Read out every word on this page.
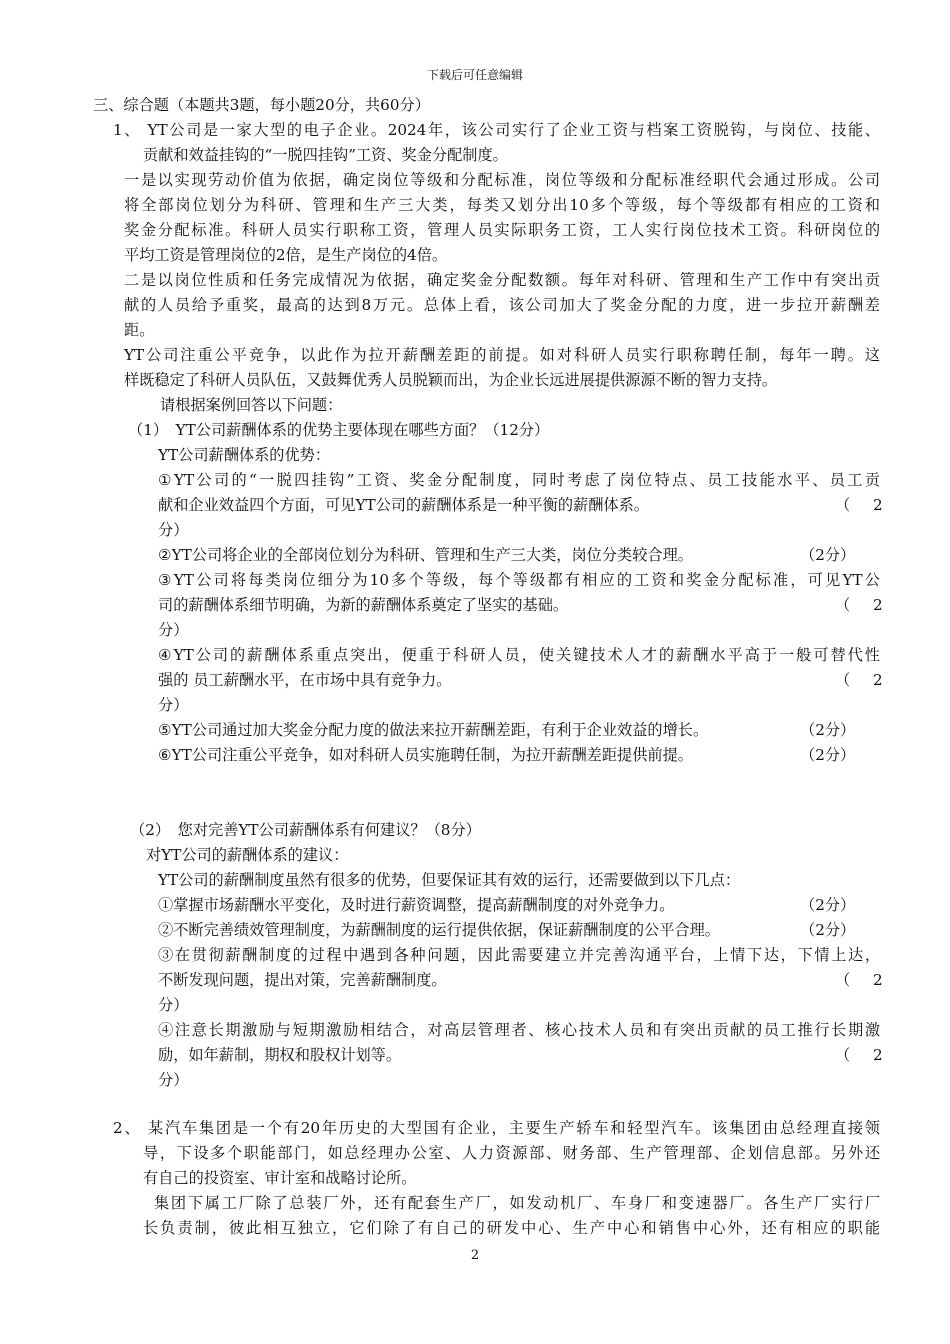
下载后可任意编辑
三、综合题（本题共3题，每小题20分，共60分）
1、 YT公司是一家大型的电子企业。2024年，该公司实行了企业工资与档案工资脱钩，与岗位、技能、
贡献和效益挂钩的“一脱四挂钩”工资、奖金分配制度。
一是以实现劳动价值为依据，确定岗位等级和分配标准，岗位等级和分配标准经职代会通过形成。公司
将全部岗位划分为科研、管理和生产三大类，每类又划分出10多个等级，每个等级都有相应的工资和
奖金分配标准。科研人员实行职称工资，管理人员实际职务工资，工人实行岗位技术工资。科研岗位的
平均工资是管理岗位的2倍，是生产岗位的4倍。
二是以岗位性质和任务完成情况为依据，确定奖金分配数额。每年对科研、管理和生产工作中有突出贡
献的人员给予重奖，最高的达到8万元。总体上看，该公司加大了奖金分配的力度，进一步拉开薪酬差
距。
YT公司注重公平竞争，以此作为拉开薪酬差距的前提。如对科研人员实行职称聘任制，每年一聘。这
样既稳定了科研人员队伍，又鼓舞优秀人员脱颖而出，为企业长远进展提供源源不断的智力支持。
请根据案例回答以下问题：
（1）　YT公司薪酬体系的优势主要体现在哪些方面？（12分）
YT公司薪酬体系的优势：
①YT公司的“一脱四挂钩”工资、奖金分配制度，同时考虑了岗位特点、员工技能水平、员工贡
献和企业效益四个方面，可见YT公司的薪酬体系是一种平衡的薪酬体系。	（ 2
分）
②YT公司将企业的全部岗位划分为科研、管理和生产三大类，岗位分类较合理。	（2分）
③YT公司将每类岗位细分为10多个等级，每个等级都有相应的工资和奖金分配标准，可见YT公
司的薪酬体系细节明确，为新的薪酬体系奠定了坚实的基础。	（ 2
分）
④YT公司的薪酬体系重点突出，便重于科研人员，使关键技术人才的薪酬水平高于一般可替代性
强的 员工薪酬水平，在市场中具有竞争力。	（ 2
分）
⑤YT公司通过加大奖金分配力度的做法来拉开薪酬差距，有利于企业效益的增长。	（2分）
⑥YT公司注重公平竞争，如对科研人员实施聘任制，为拉开薪酬差距提供前提。	（2分）
（2）　您对完善YT公司薪酬体系有何建议？（8分）
对YT公司的薪酬体系的建议：
YT公司的薪酬制度虽然有很多的优势，但要保证其有效的运行，还需要做到以下几点：
①掌握市场薪酬水平变化，及时进行薪资调整，提高薪酬制度的对外竞争力。	（2分）
②不断完善绩效管理制度，为薪酬制度的运行提供依据，保证薪酬制度的公平合理。	（2分）
③在贯彻薪酬制度的过程中遇到各种问题，因此需要建立并完善沟通平台，上情下达，下情上达，
不断发现问题，提出对策，完善薪酬制度。	（ 2
分）
④注意长期激励与短期激励相结合，对高层管理者、核心技术人员和有突出贡献的员工推行长期激
励，如年薪制，期权和股权计划等。	（ 2
分）
2、 某汽车集团是一个有20年历史的大型国有企业，主要生产轿车和轻型汽车。该集团由总经理直接领
导，下设多个职能部门，如总经理办公室、人力资源部、财务部、生产管理部、企划信息部。另外还
有自己的投资室、审计室和战略讨论所。
集团下属工厂除了总装厂外，还有配套生产厂，如发动机厂、车身厂和变速器厂。各生产厂实行厂
长负责制，彼此相互独立，它们除了有自己的研发中心、生产中心和销售中心外，还有相应的职能
2
